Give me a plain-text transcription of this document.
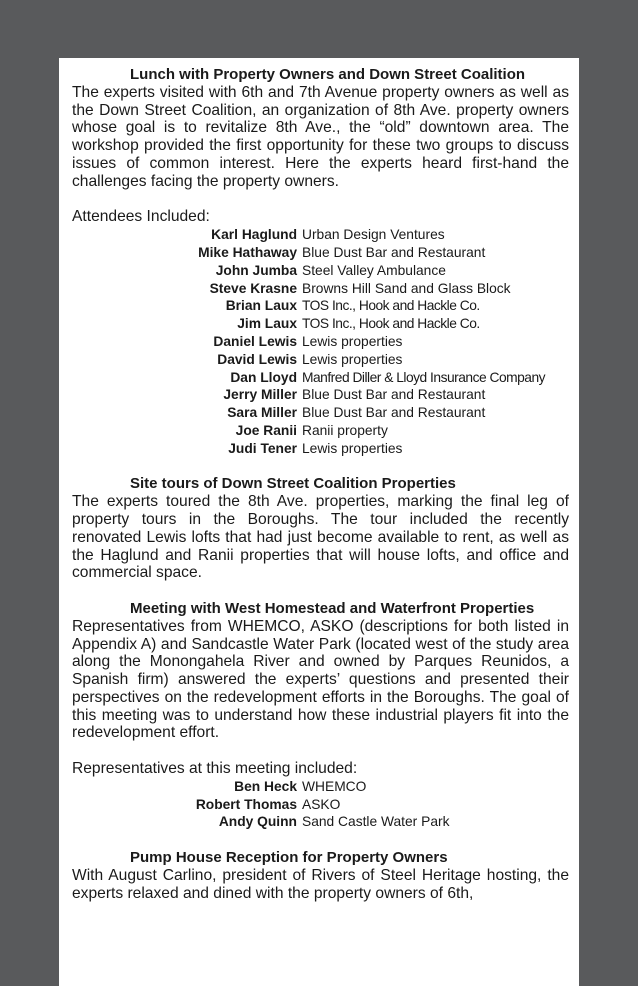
Lunch with Property Owners and Down Street Coalition

The experts visited with 6th and 7th Avenue property owners as well as the Down Street Coalition, an organization of 8th Ave. property owners whose goal is to revitalize 8th Ave., the “old” downtown area. The workshop provided the first opportunity for these two groups to discuss issues of common interest. Here the experts heard first-hand the challenges facing the property owners.

Attendees Included:

Karl Haglund	Urban Design Ventures
Mike Hathaway	Blue Dust Bar and Restaurant
John Jumba	Steel Valley Ambulance
Steve Krasne	Browns Hill Sand and Glass Block
Brian Laux	TOS Inc., Hook and Hackle Co.
Jim Laux	TOS Inc., Hook and Hackle Co.
Daniel Lewis	Lewis properties
David Lewis	Lewis properties
Dan Lloyd	Manfred Diller & Lloyd Insurance Company
Jerry Miller	Blue Dust Bar and Restaurant
Sara Miller	Blue Dust Bar and Restaurant
Joe Ranii	Ranii property
Judi Tener	Lewis properties

Site tours of Down Street Coalition Properties

The experts toured the 8th Ave. properties, marking the final leg of property tours in the Boroughs. The tour included the recently renovated Lewis lofts that had just become available to rent, as well as the Haglund and Ranii properties that will house lofts, and office and commercial space.

Meeting with West Homestead and Waterfront Properties

Representatives from WHEMCO, ASKO (descriptions for both listed in Appendix A) and Sandcastle Water Park (located west of the study area along the Monongahela River and owned by Parques Reunidos, a Spanish firm) answered the experts’ questions and presented their perspectives on the redevelopment efforts in the Boroughs. The goal of this meeting was to understand how these industrial players fit into the redevelopment effort.

Representatives at this meeting included:

Ben Heck	WHEMCO
Robert Thomas	ASKO
Andy Quinn	Sand Castle Water Park

Pump House Reception for Property Owners

With August Carlino, president of Rivers of Steel Heritage hosting, the experts relaxed and dined with the property owners of 6th,
